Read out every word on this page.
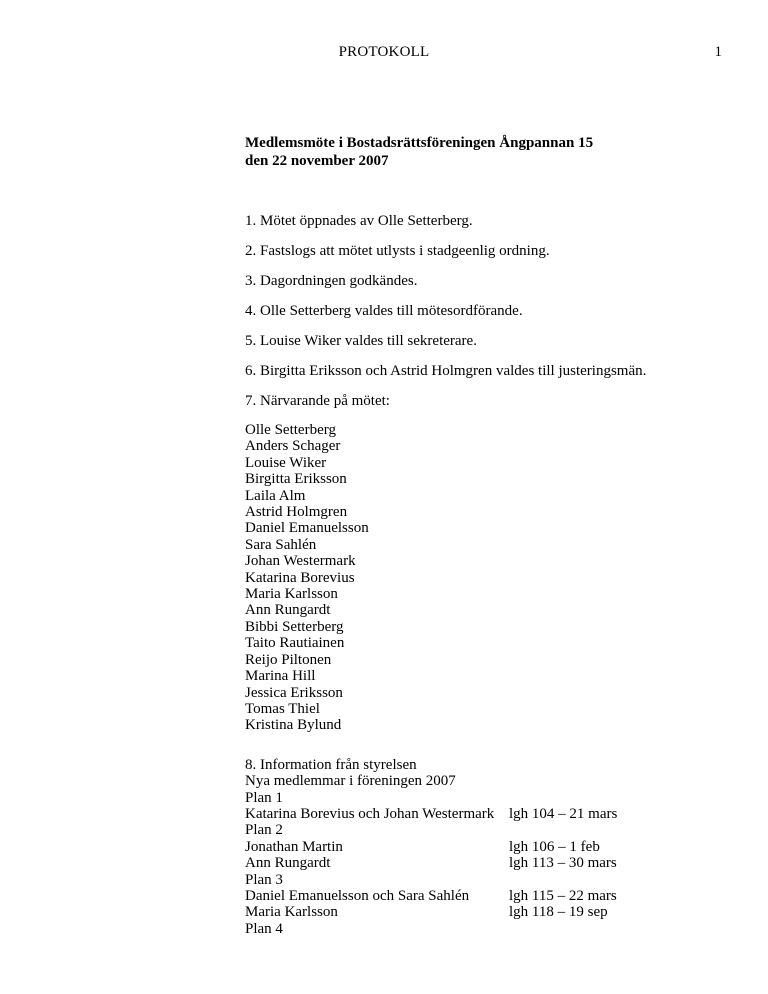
PROTOKOLL	1
Medlemsmöte i Bostadsrättsföreningen Ångpannan 15
den 22 november 2007
1. Mötet öppnades av Olle Setterberg.
2. Fastslogs att mötet utlysts i stadgeenlig ordning.
3. Dagordningen godkändes.
4. Olle Setterberg valdes till mötesordförande.
5. Louise Wiker valdes till sekreterare.
6. Birgitta Eriksson och Astrid Holmgren valdes till justeringsmän.
7. Närvarande på mötet:
Olle Setterberg
Anders Schager
Louise Wiker
Birgitta Eriksson
Laila Alm
Astrid Holmgren
Daniel Emanuelsson
Sara Sahlén
Johan Westermark
Katarina Borevius
Maria Karlsson
Ann Rungardt
Bibbi Setterberg
Taito Rautiainen
Reijo Piltonen
Marina Hill
Jessica Eriksson
Tomas Thiel
Kristina Bylund
8. Information från styrelsen
Nya medlemmar i föreningen 2007
Plan 1
Katarina Borevius och Johan Westermark lgh 104 – 21 mars
Plan 2
Jonathan Martin	lgh 106 – 1 feb
Ann Rungardt	lgh 113 – 30 mars
Plan 3
Daniel Emanuelsson och Sara Sahlén	lgh 115 – 22 mars
Maria Karlsson	lgh 118 – 19 sep
Plan 4
